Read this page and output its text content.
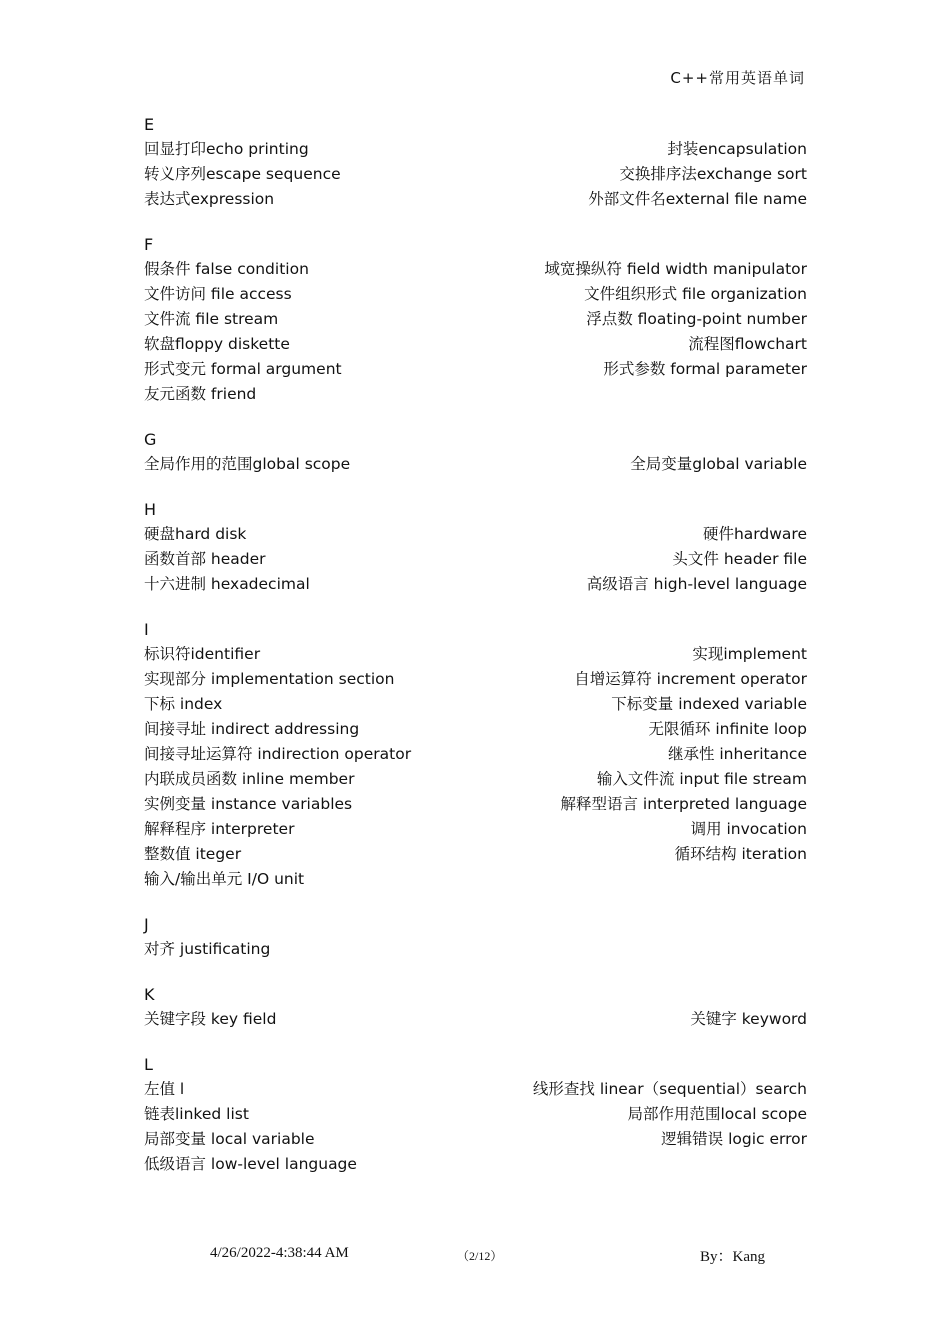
C++常用英语单词
E
回显打印echo printing	封装encapsulation
转义序列escape sequence	交换排序法exchange sort
表达式expression	外部文件名external file name
F
假条件 false condition	域宽操纵符 field width manipulator
文件访问 file access	文件组织形式 file organization
文件流 file stream	浮点数 floating-point number
软盘floppy diskette	流程图flowchart
形式变元 formal argument	形式参数 formal parameter
友元函数 friend
G
全局作用的范围global scope	全局变量global variable
H
硬盘hard disk	硬件hardware
函数首部 header	头文件 header file
十六进制 hexadecimal	高级语言 high-level language
I
标识符identifier	实现implement
实现部分 implementation section	自增运算符 increment operator
下标 index	下标变量 indexed variable
间接寻址 indirect addressing	无限循环 infinite loop
间接寻址运算符 indirection operator	继承性 inheritance
内联成员函数 inline member	输入文件流 input file stream
实例变量 instance variables	解释型语言 interpreted language
解释程序 interpreter	调用 invocation
整数值 iteger	循环结构 iteration
输入/输出单元 I/O unit
J
对齐 justificating
K
关键字段 key field	关键字 keyword
L
左值 l	线形查找 linear（sequential）search
链表linked list	局部作用范围local scope
局部变量 local variable	逻辑错误 logic error
低级语言 low-level language
4/26/2022-4:38:44 AM	（2/12）	By：Kang
